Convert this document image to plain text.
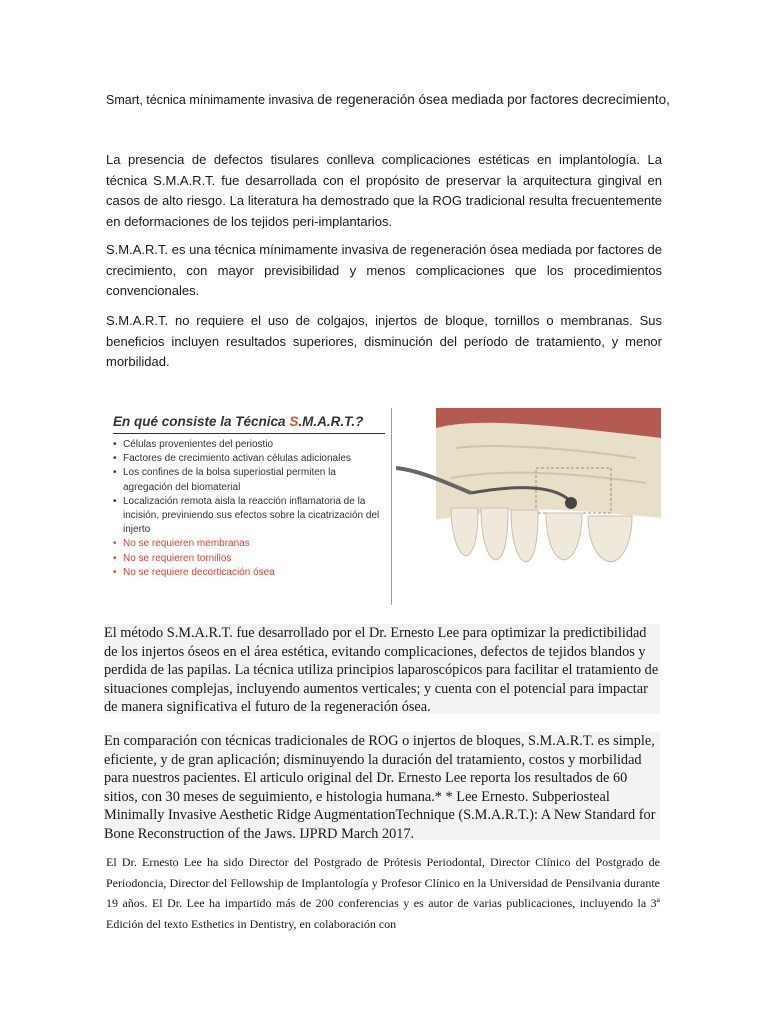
Smart, técnica mínimamente invasiva de regeneración ósea mediada por factores decrecimiento,

La presencia de defectos tisulares conlleva complicaciones estéticas en implantología. La técnica S.M.A.R.T. fue desarrollada con el propósito de preservar la arquitectura gingival en casos de alto riesgo. La literatura ha demostrado que la ROG tradicional resulta frecuentemente en deformaciones de los tejidos peri-implantarios.

S.M.A.R.T. es una técnica mínimamente invasiva de regeneración ósea mediada por factores de crecimiento, con mayor previsibilidad y menos complicaciones que los procedimientos convencionales.

S.M.A.R.T. no requiere el uso de colgajos, injertos de bloque, tornillos o membranas. Sus beneficios incluyen resultados superiores, disminución del período de tratamiento, y menor morbilidad.

En qué consiste la Técnica S.M.A.R.T.?
• Células provenientes del periostio
• Factores de crecimiento activan células adicionales
• Los confines de la bolsa superiostial permiten la agregación del biomaterial
• Localización remota aisla la reacción inflamatoria de la incisión, previniendo sus efectos sobre la cicatrización del injerto
• No se requieren membranas
• No se requieren tornillos
• No se requiere decorticación ósea

El método S.M.A.R.T. fue desarrollado por el Dr. Ernesto Lee para optimizar la predictibilidad de los injertos óseos en el área estética, evitando complicaciones, defectos de tejidos blandos y perdida de las papilas. La técnica utiliza principios laparoscópicos para facilitar el tratamiento de situaciones complejas, incluyendo aumentos verticales; y cuenta con el potencial para impactar de manera significativa el futuro de la regeneración ósea.

En comparación con técnicas tradicionales de ROG o injertos de bloques, S.M.A.R.T. es simple, eficiente, y de gran aplicación; disminuyendo la duración del tratamiento, costos y morbilidad para nuestros pacientes. El articulo original del Dr. Ernesto Lee reporta los resultados de 60 sitios, con 30 meses de seguimiento, e histologia humana.* * Lee Ernesto. Subperiosteal Minimally Invasive Aesthetic Ridge AugmentationTechnique (S.M.A.R.T.): A New Standard for Bone Reconstruction of the Jaws. IJPRD March 2017.

El Dr. Ernesto Lee ha sido Director del Postgrado de Prótesis Periodontal, Director Clínico del Postgrado de Periodoncia, Director del Fellowship de Implantología y Profesor Clínico en la Universidad de Pensilvania durante 19 años. El Dr. Lee ha impartido más de 200 conferencias y es autor de varias publicaciones, incluyendo la 3ª Edición del texto Esthetics in Dentistry, en colaboración con
